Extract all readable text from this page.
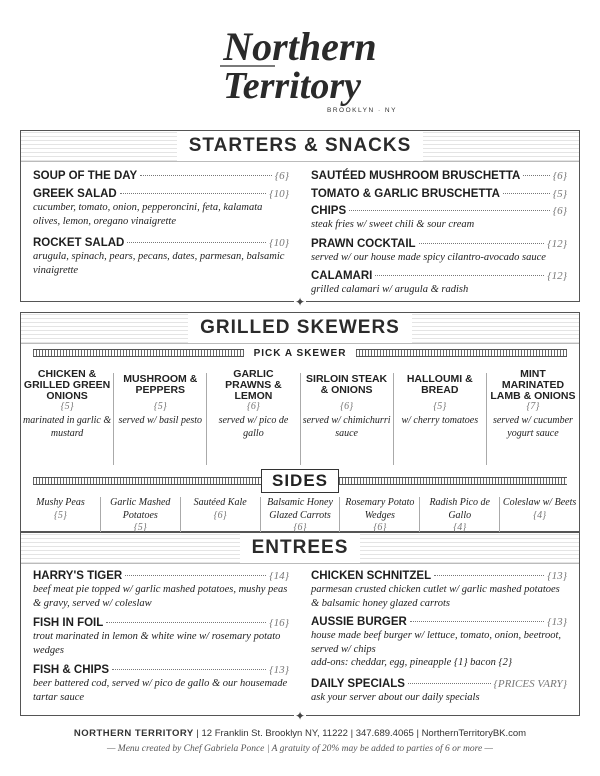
Northern
Territory
BROOKLYN · NY
STARTERS & SNACKS
SOUP OF THE DAY	{6}
GREEK SALAD	{10}
cucumber, tomato, onion, pepperoncini, feta, kalamata olives, lemon, oregano vinaigrette
ROCKET SALAD	{10}
arugula, spinach, pears, pecans, dates, parmesan, balsamic vinaigrette
SAUTÉED MUSHROOM BRUSCHETTA	{6}
TOMATO & GARLIC BRUSCHETTA	{5}
CHIPS	{6}
steak fries w/ sweet chili & sour cream
PRAWN COCKTAIL	{12}
served w/ our house made spicy cilantro-avocado sauce
CALAMARI	{12}
grilled calamari w/ arugula & radish
✦
GRILLED SKEWERS
PICK A SKEWER
CHICKEN & GRILLED GREEN ONIONS
{5}
marinated in garlic & mustard
MUSHROOM & PEPPERS
{5}
served w/ basil pesto
GARLIC PRAWNS & LEMON
{6}
served w/ pico de gallo
SIRLOIN STEAK & ONIONS
{6}
served w/ chimichurri sauce
HALLOUMI & BREAD
{5}
w/ cherry tomatoes
MINT MARINATED LAMB & ONIONS
{7}
served w/ cucumber yogurt sauce
SIDES
Mushy Peas
{5}
Garlic Mashed Potatoes
{5}
Sautéed Kale
{6}
Balsamic Honey Glazed Carrots
{6}
Rosemary Potato Wedges
{6}
Radish Pico de Gallo
{4}
Coleslaw w/ Beets
{4}
ENTREES
HARRY'S TIGER	{14}
beef meat pie topped w/ garlic mashed potatoes, mushy peas & gravy, served w/ coleslaw
FISH IN FOIL	{16}
trout marinated in lemon & white wine w/ rosemary potato wedges
FISH & CHIPS	{13}
beer battered cod, served w/ pico de gallo & our housemade tartar sauce
CHICKEN SCHNITZEL	{13}
parmesan crusted chicken cutlet w/ garlic mashed potatoes & balsamic honey glazed carrots
AUSSIE BURGER	{13}
house made beef burger w/ lettuce, tomato, onion, beetroot, served w/ chips
add-ons: cheddar, egg, pineapple {1} bacon {2}
DAILY SPECIALS	{PRICES VARY}
ask your server about our daily specials
✦
NORTHERN TERRITORY | 12 Franklin St. Brooklyn NY, 11222 | 347.689.4065 | NorthernTerritoryBK.com
— Menu created by Chef Gabriela Ponce | A gratuity of 20% may be added to parties of 6 or more —
